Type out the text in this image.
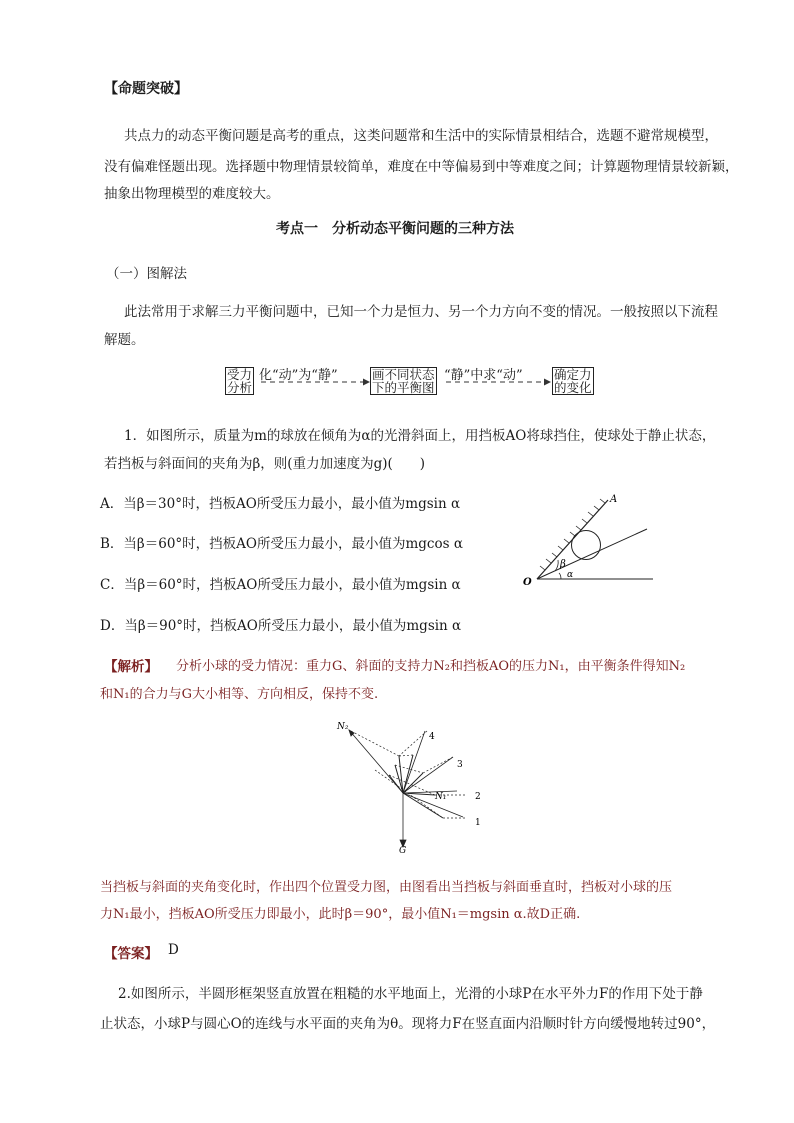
【命题突破】
共点力的动态平衡问题是高考的重点，这类问题常和生活中的实际情景相结合，选题不避常规模型，
没有偏难怪题出现。选择题中物理情景较简单，难度在中等偏易到中等难度之间；计算题物理情景较新颖，
抽象出物理模型的难度较大。
考点一　分析动态平衡问题的三种方法
（一）图解法
此法常用于求解三力平衡问题中，已知一个力是恒力、另一个力方向不变的情况。一般按照以下流程
解题。
受力
分析
化“动”为“静”	画不同状态
下的平衡图
“静”中求“动”	确定力
的变化
1．如图所示，质量为m的球放在倾角为α的光滑斜面上，用挡板AO将球挡住，使球处于静止状态，
若挡板与斜面间的夹角为β，则(重力加速度为g)(　　)
A．当β＝30°时，挡板AO所受压力最小，最小值为mgsin α
B．当β＝60°时，挡板AO所受压力最小，最小值为mgcos α
C．当β＝60°时，挡板AO所受压力最小，最小值为mgsin α
D．当β＝90°时，挡板AO所受压力最小，最小值为mgsin α
A
O
β
α
【解析】 分析小球的受力情况：重力G、斜面的支持力N₂和挡板AO的压力N₁，由平衡条件得知N₂
和N₁的合力与G大小相等、方向相反，保持不变.
N₂
N₁
G
1
2
3
4
当挡板与斜面的夹角变化时，作出四个位置受力图，由图看出当挡板与斜面垂直时，挡板对小球的压
力N₁最小，挡板AO所受压力即最小，此时β＝90°，最小值N₁＝mgsin α.故D正确.
【答案】 D
2.如图所示，半圆形框架竖直放置在粗糙的水平地面上，光滑的小球P在水平外力F的作用下处于静
止状态，小球P与圆心O的连线与水平面的夹角为θ。现将力F在竖直面内沿顺时针方向缓慢地转过90°，
